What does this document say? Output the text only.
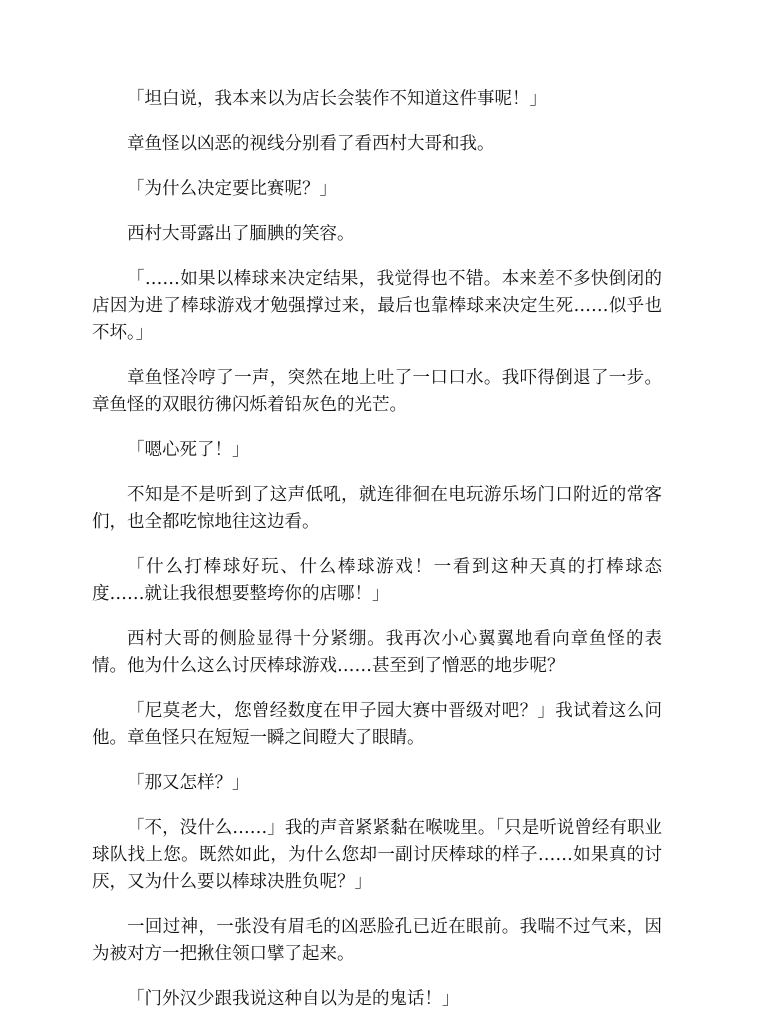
「坦白说，我本来以为店长会装作不知道这件事呢！」

章鱼怪以凶恶的视线分别看了看西村大哥和我。

「为什么决定要比赛呢？」

西村大哥露出了腼腆的笑容。

「……如果以棒球来决定结果，我觉得也不错。本来差不多快倒闭的店因为进了棒球游戏才勉强撑过来，最后也靠棒球来决定生死……似乎也不坏。」

章鱼怪冷哼了一声，突然在地上吐了一口口水。我吓得倒退了一步。章鱼怪的双眼彷彿闪烁着铅灰色的光芒。

「嗯心死了！」

不知是不是听到了这声低吼，就连徘徊在电玩游乐场门口附近的常客们，也全都吃惊地往这边看。

「什么打棒球好玩、什么棒球游戏！一看到这种天真的打棒球态度……就让我很想要整垮你的店哪！」

西村大哥的侧脸显得十分紧绷。我再次小心翼翼地看向章鱼怪的表情。他为什么这么讨厌棒球游戏……甚至到了憎恶的地步呢？

「尼莫老大，您曾经数度在甲子园大赛中晋级对吧？」我试着这么问他。章鱼怪只在短短一瞬之间瞪大了眼睛。

「那又怎样？」

「不，没什么……」我的声音紧紧黏在喉咙里。「只是听说曾经有职业球队找上您。既然如此，为什么您却一副讨厌棒球的样子……如果真的讨厌，又为什么要以棒球决胜负呢？」

一回过神，一张没有眉毛的凶恶脸孔已近在眼前。我喘不过气来，因为被对方一把揪住领口擘了起来。

「门外汉少跟我说这种自以为是的鬼话！」
